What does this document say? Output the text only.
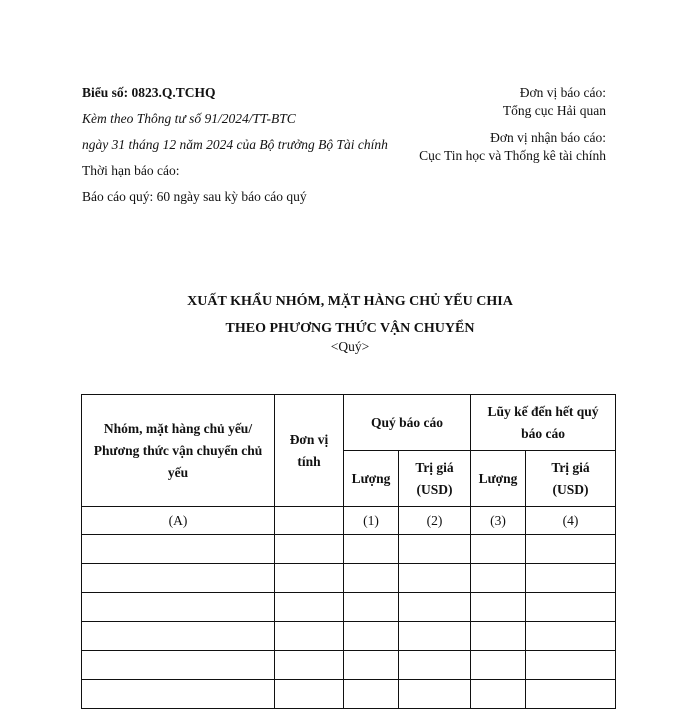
Biểu số: 0823.Q.TCHQ
Kèm theo Thông tư số 91/2024/TT-BTC
ngày 31 tháng 12 năm 2024 của Bộ trưởng Bộ Tài chính
Thời hạn báo cáo:
Báo cáo quý: 60 ngày sau kỳ báo cáo quý
Đơn vị báo cáo:
Tổng cục Hải quan
Đơn vị nhận báo cáo:
Cục Tin học và Thống kê tài chính
XUẤT KHẨU NHÓM, MẶT HÀNG CHỦ YẾU CHIA
THEO PHƯƠNG THỨC VẬN CHUYỂN
<Quý>
Nhóm, mặt hàng chủ yếu/ Phương thức vận chuyển chủ yếu	Đơn vị tính	Quý báo cáo		Lũy kế đến hết quý báo cáo	
		Lượng	Trị giá (USD)	Lượng	Trị giá (USD)
(A)		(1)	(2)	(3)	(4)
